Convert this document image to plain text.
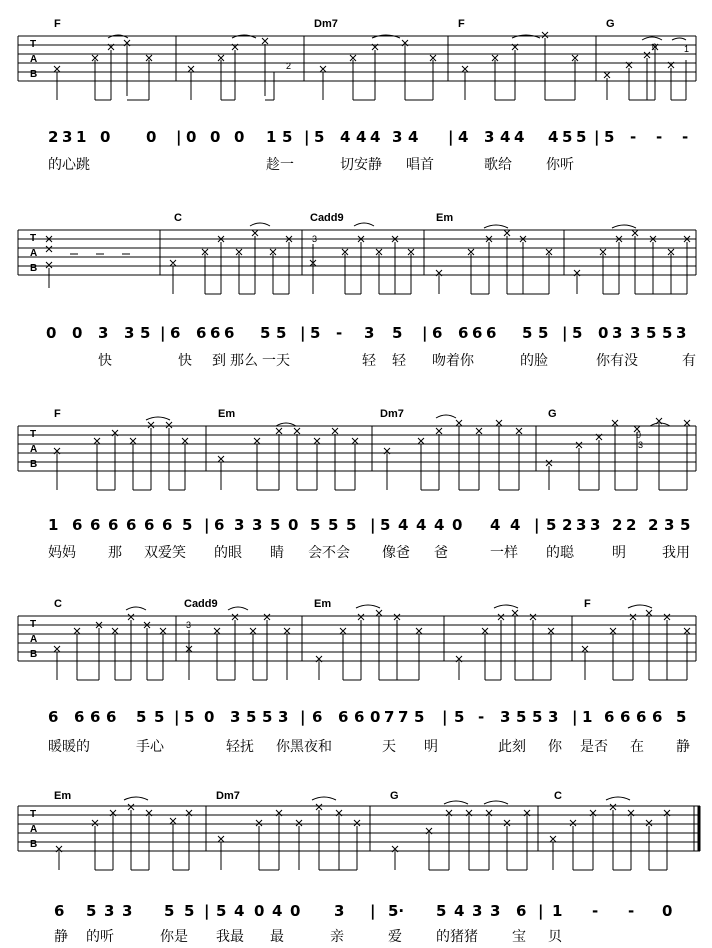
F	Dm7	F	G
T
A
B
2
0	1
2 3 1 0 0 | 0 0 0 1 5 | 5 4 4 4 3 4 | 4 3 4 4 4 5 5 | 5 - - -
的心跳	趁一	切安静 唱首	歌给 你听
C	Cadd9	Em
T
A
B
3
0 0 3 3 5 | 6 6 6 6 5 5 | 5 - 3 5 | 6 6 6 6 5 5 | 5 0 3 3 5 5 3
快	快 到 那么 一天	轻 轻 吻着你	的脸	你有没	有
F	Em	Dm7	G
T
A
B
0
3
1 6 6 6 6 6 6 5 | 6 3 3 5 0 5 5 5 | 5 4 4 4 0 4 4 | 5 2 3 3 2 2 2 3 5
妈妈 那 双爱笑 的眼 睛 会不会 像爸 爸	一样 的聪	明	我用
C	Cadd9	Em	F
T
A
B
3
6 6 6 6 5 5 | 5 0 3 5 5 3 | 6 6 6 0 7 7 5 | 5 - 3 5 5 3 | 1 6 6 6 6 5
暖暖的	手心	轻抚 你黑夜和	天 明	此刻 你 是否 在 静
Em	Dm7	G	C
T
A
B
6 5 3 3 5 5 | 5 4 0 4 0 3 | 5· 5 4 3 3 6 | 1 - - 0
静 的听	你是 我最 最	亲	爱 的猪猪 宝 贝
